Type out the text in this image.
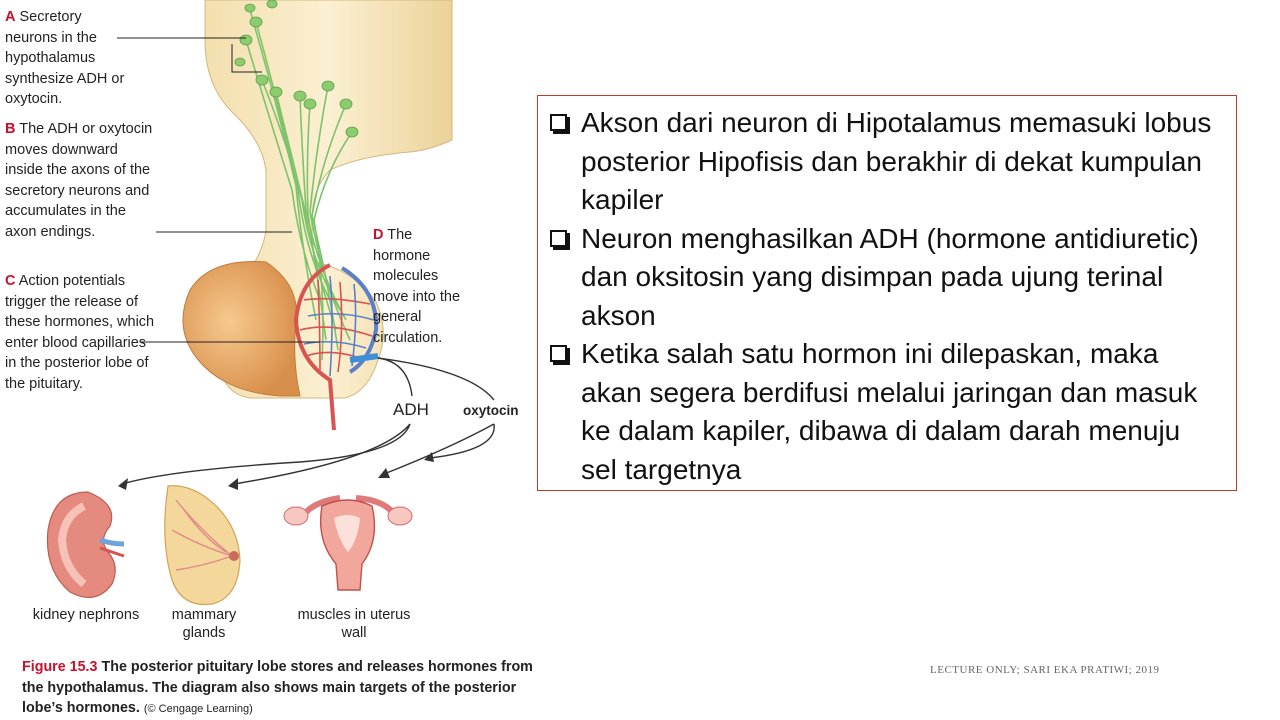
A Secretory neurons in the hypothalamus synthesize ADH or oxytocin.
B The ADH or oxytocin moves downward inside the axons of the secretory neurons and accumulates in the axon endings.
C Action potentials trigger the release of these hormones, which enter blood capillaries in the posterior lobe of the pituitary.
D The hormone molecules move into the general circulation.
ADH	oxytocin
kidney nephrons	mammary glands
muscles in uterus wall
Figure 15.3 The posterior pituitary lobe stores and releases hormones from the hypothalamus. The diagram also shows main targets of the posterior lobe’s hormones. (© Cengage Learning)
Akson dari neuron di Hipotalamus memasuki lobus posterior Hipofisis dan berakhir di dekat kumpulan kapiler
Neuron menghasilkan ADH (hormone antidiuretic) dan oksitosin yang disimpan pada ujung terinal akson
Ketika salah satu hormon ini dilepaskan, maka akan segera berdifusi melalui jaringan dan masuk ke dalam kapiler, dibawa di dalam darah menuju sel targetnya
LECTURE ONLY; SARI EKA PRATIWI; 2019
